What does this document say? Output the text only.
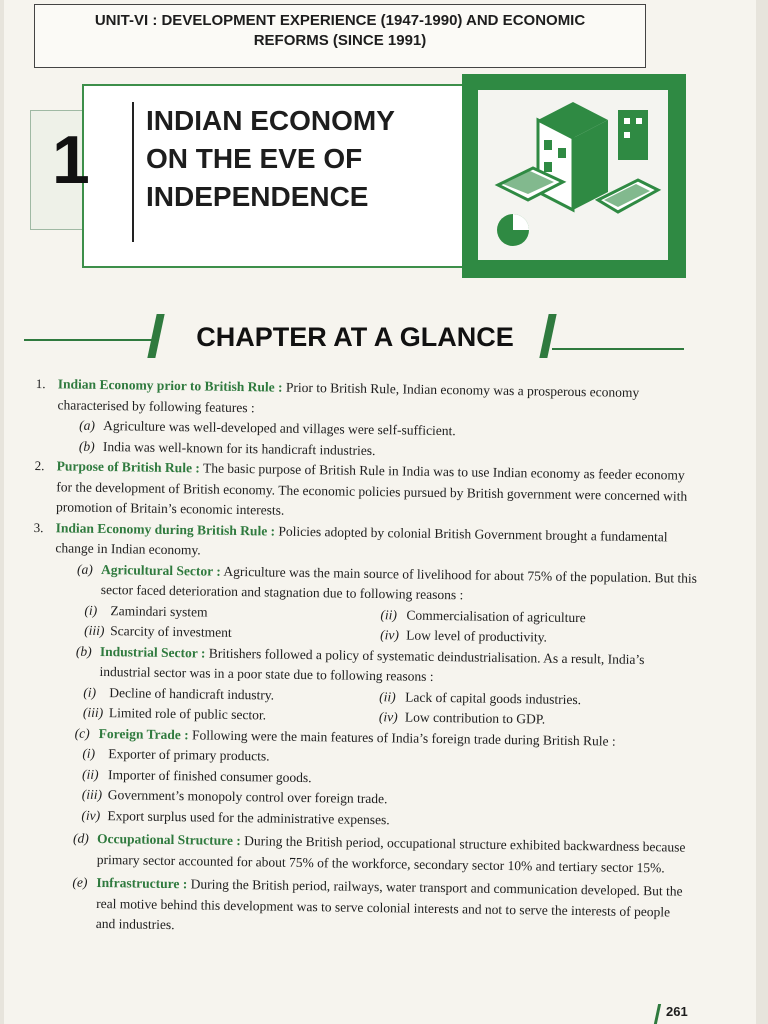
UNIT-VI : DEVELOPMENT EXPERIENCE (1947-1990) AND ECONOMIC
REFORMS (SINCE 1991)
1
INDIAN ECONOMY
ON THE EVE OF
INDEPENDENCE
CHAPTER AT A GLANCE
1. Indian Economy prior to British Rule : Prior to British Rule, Indian economy was a prosperous economy characterised by following features :
(a) Agriculture was well-developed and villages were self-sufficient.
(b) India was well-known for its handicraft industries.
2. Purpose of British Rule : The basic purpose of British Rule in India was to use Indian economy as feeder economy for the development of British economy. The economic policies pursued by British government were concerned with promotion of Britain’s economic interests.
3. Indian Economy during British Rule : Policies adopted by colonial British Government brought a fundamental change in Indian economy.
(a) Agricultural Sector : Agriculture was the main source of livelihood for about 75% of the population. But this sector faced deterioration and stagnation due to following reasons :
(i) Zamindari system	(ii) Commercialisation of agriculture
(iii) Scarcity of investment	(iv) Low level of productivity.
(b) Industrial Sector : Britishers followed a policy of systematic deindustrialisation. As a result, India’s industrial sector was in a poor state due to following reasons :
(i) Decline of handicraft industry.	(ii) Lack of capital goods industries.
(iii) Limited role of public sector.	(iv) Low contribution to GDP.
(c) Foreign Trade : Following were the main features of India’s foreign trade during British Rule :
(i) Exporter of primary products.
(ii) Importer of finished consumer goods.
(iii) Government’s monopoly control over foreign trade.
(iv) Export surplus used for the administrative expenses.
(d) Occupational Structure : During the British period, occupational structure exhibited backwardness because primary sector accounted for about 75% of the workforce, secondary sector 10% and tertiary sector 15%.
(e) Infrastructure : During the British period, railways, water transport and communication developed. But the real motive behind this development was to serve colonial interests and not to serve the interests of people and industries.
261
